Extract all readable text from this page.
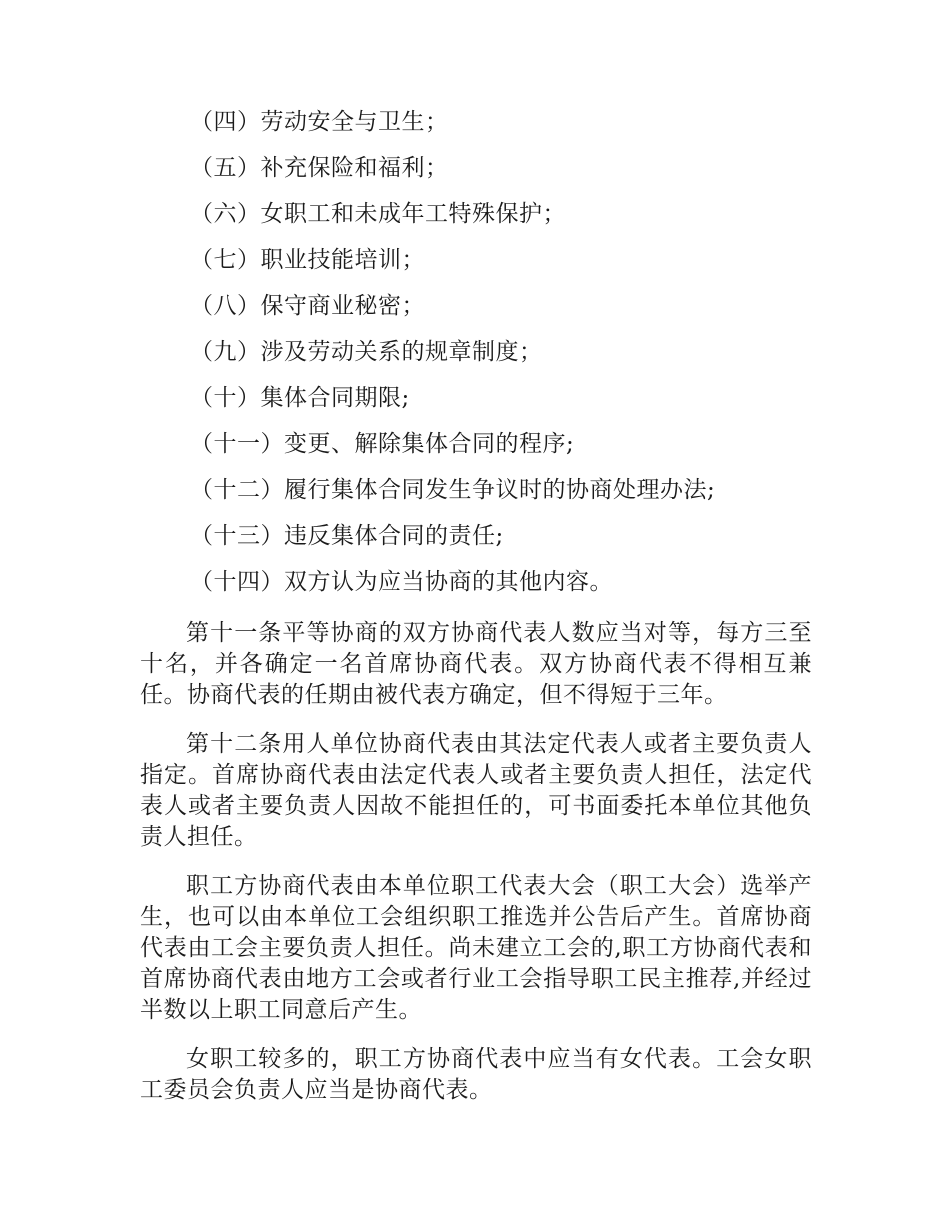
（四）劳动安全与卫生；
（五）补充保险和福利；
（六）女职工和未成年工特殊保护；
（七）职业技能培训；
（八）保守商业秘密；
（九）涉及劳动关系的规章制度；
（十）集体合同期限;
（十一）变更、解除集体合同的程序;
（十二）履行集体合同发生争议时的协商处理办法;
（十三）违反集体合同的责任;
（十四）双方认为应当协商的其他内容。

第十一条平等协商的双方协商代表人数应当对等，每方三至十名，并各确定一名首席协商代表。双方协商代表不得相互兼任。协商代表的任期由被代表方确定，但不得短于三年。

第十二条用人单位协商代表由其法定代表人或者主要负责人指定。首席协商代表由法定代表人或者主要负责人担任，法定代表人或者主要负责人因故不能担任的，可书面委托本单位其他负责人担任。

职工方协商代表由本单位职工代表大会（职工大会）选举产生，也可以由本单位工会组织职工推选并公告后产生。首席协商代表由工会主要负责人担任。尚未建立工会的,职工方协商代表和首席协商代表由地方工会或者行业工会指导职工民主推荐,并经过半数以上职工同意后产生。

女职工较多的，职工方协商代表中应当有女代表。工会女职工委员会负责人应当是协商代表。
